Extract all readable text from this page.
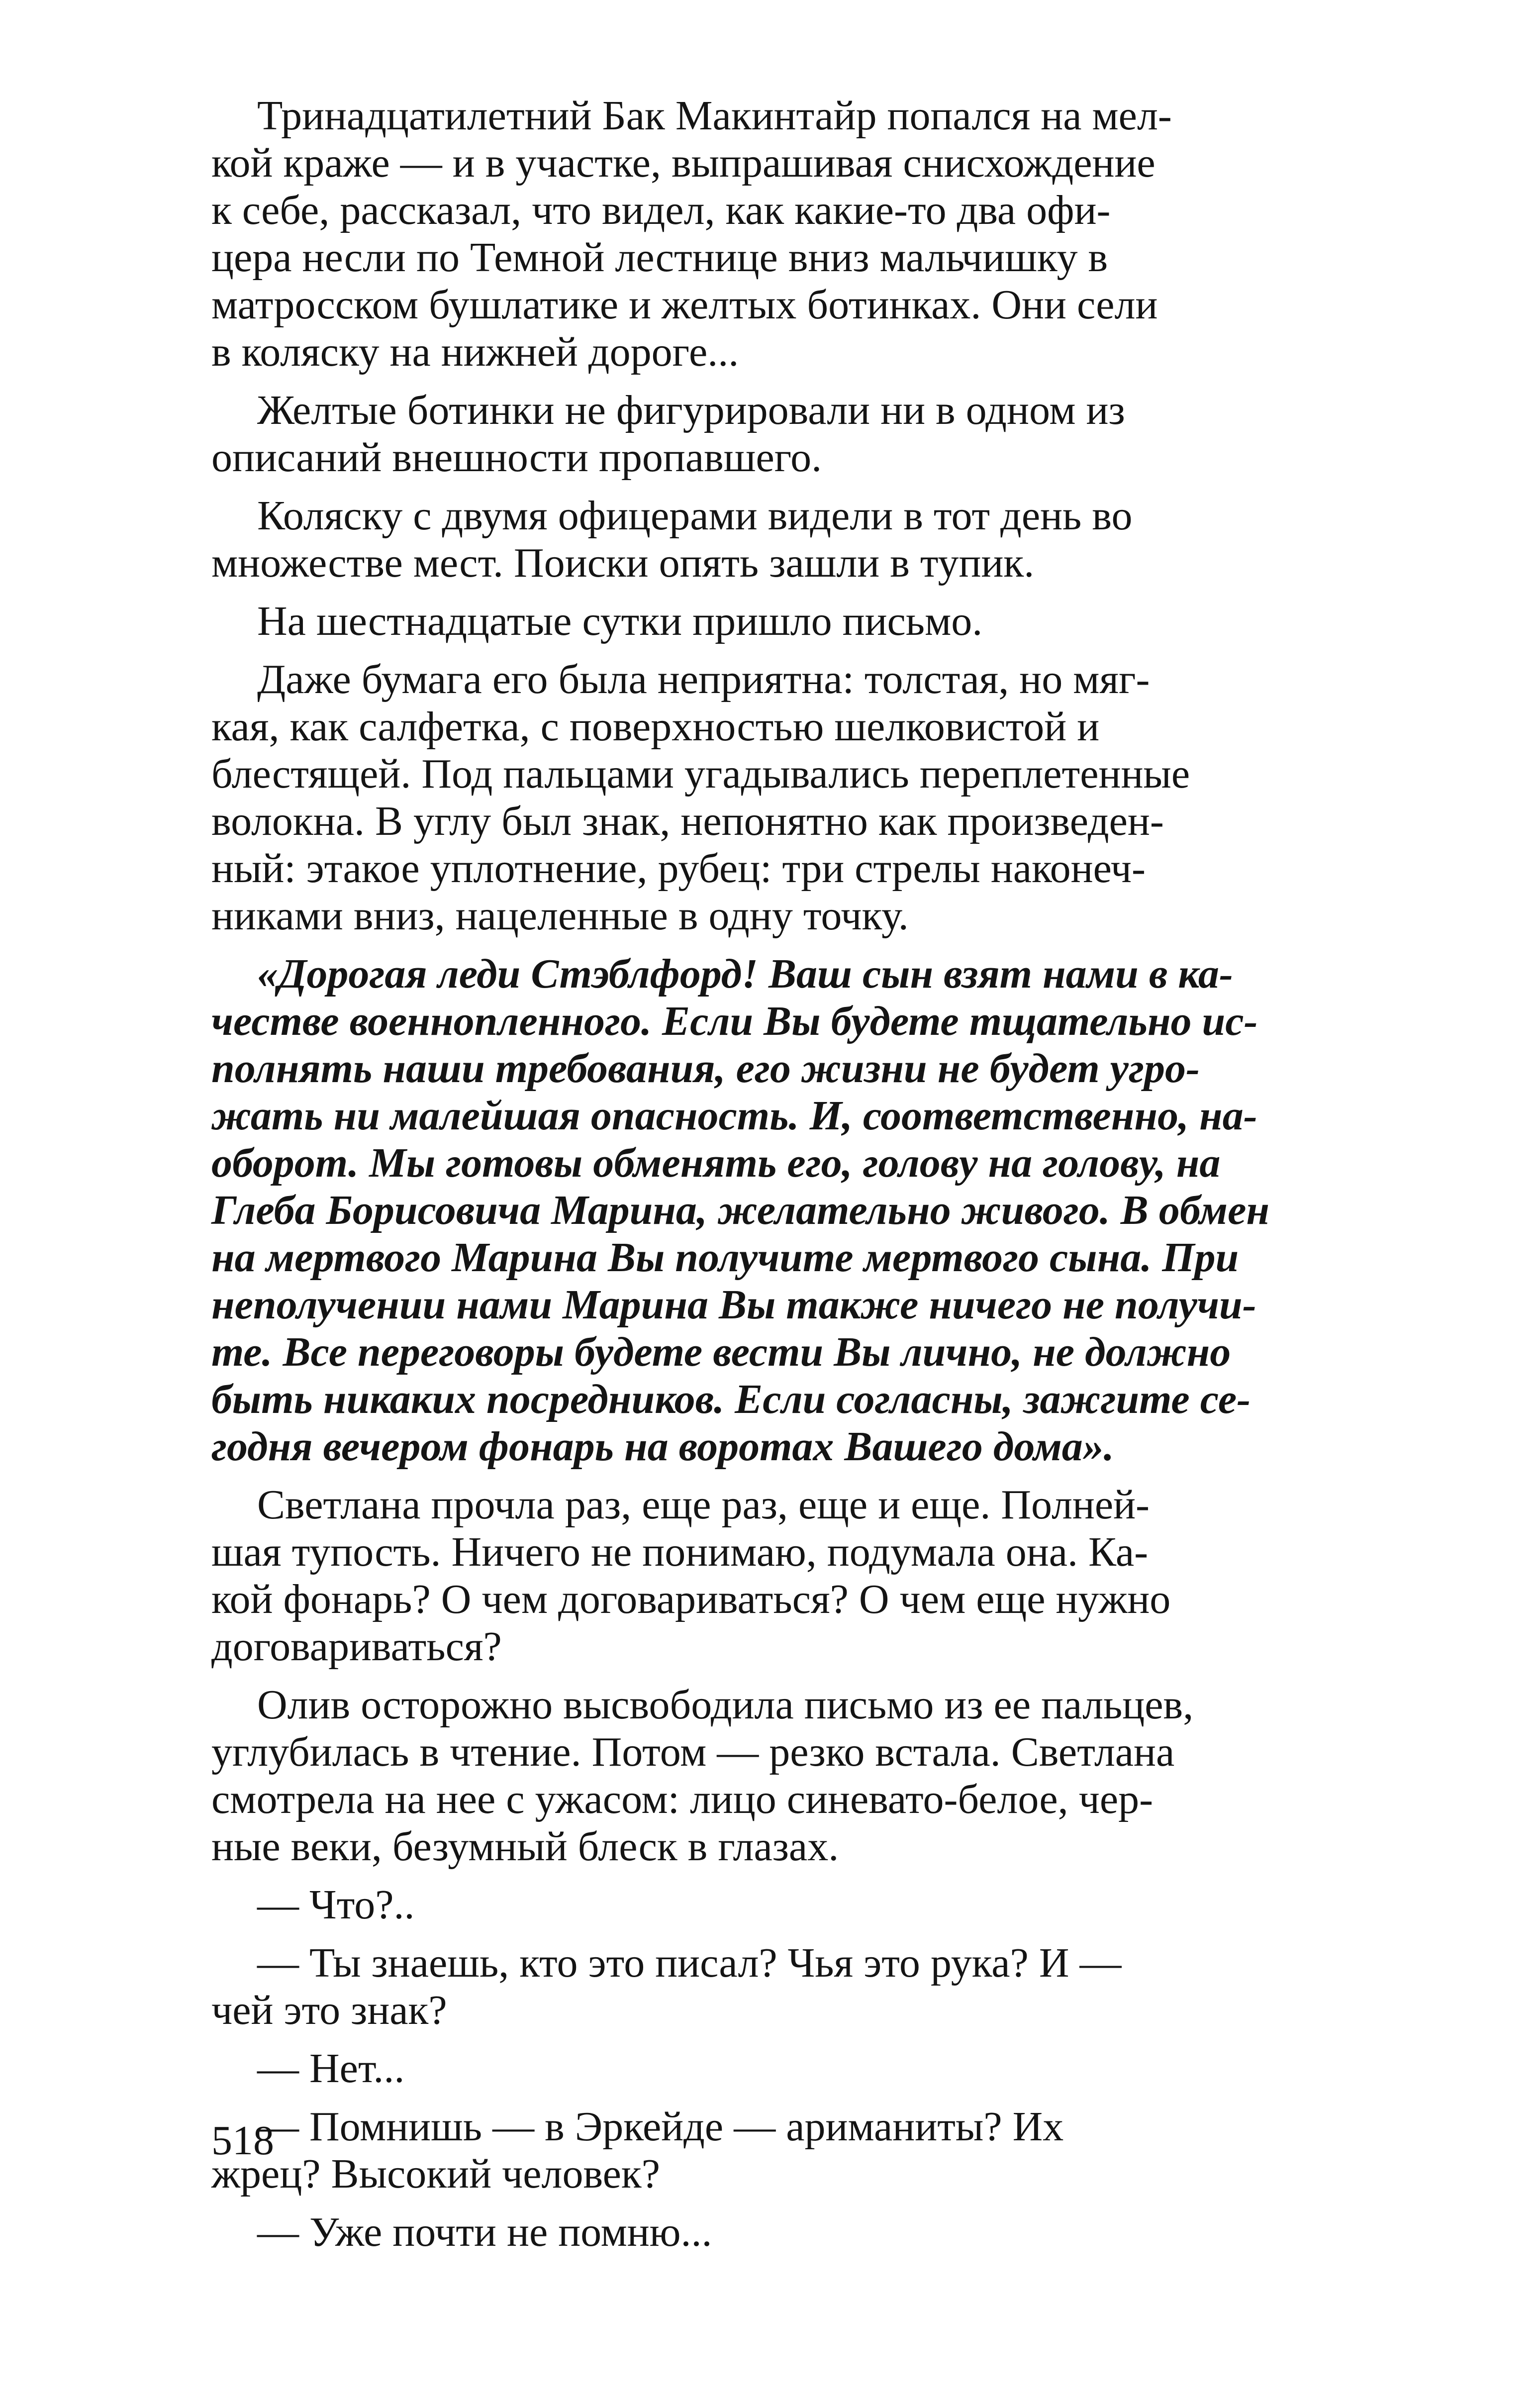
Тринадцатилетний Бак Макинтайр попался на мел-
кой краже — и в участке, выпрашивая снисхождение
к себе, рассказал, что видел, как какие-то два офи-
цера несли по Темной лестнице вниз мальчишку в
матросском бушлатике и желтых ботинках. Они сели
в коляску на нижней дороге...

Желтые ботинки не фигурировали ни в одном из
описаний внешности пропавшего.

Коляску с двумя офицерами видели в тот день во
множестве мест. Поиски опять зашли в тупик.

На шестнадцатые сутки пришло письмо.

Даже бумага его была неприятна: толстая, но мяг-
кая, как салфетка, с поверхностью шелковистой и
блестящей. Под пальцами угадывались переплетенные
волокна. В углу был знак, непонятно как произведен-
ный: этакое уплотнение, рубец: три стрелы наконеч-
никами вниз, нацеленные в одну точку.

«Дорогая леди Стэблфорд! Ваш сын взят нами в ка-
честве военнопленного. Если Вы будете тщательно ис-
полнять наши требования, его жизни не будет угро-
жать ни малейшая опасность. И, соответственно, на-
оборот. Мы готовы обменять его, голову на голову, на
Глеба Борисовича Марина, желательно живого. В обмен
на мертвого Марина Вы получите мертвого сына. При
неполучении нами Марина Вы также ничего не получи-
те. Все переговоры будете вести Вы лично, не должно
быть никаких посредников. Если согласны, зажгите се-
годня вечером фонарь на воротах Вашего дома».

Светлана прочла раз, еще раз, еще и еще. Полней-
шая тупость. Ничего не понимаю, подумала она. Ка-
кой фонарь? О чем договариваться? О чем еще нужно
договариваться?

Олив осторожно высвободила письмо из ее пальцев,
углубилась в чтение. Потом — резко встала. Светлана
смотрела на нее с ужасом: лицо синевато-белое, чер-
ные веки, безумный блеск в глазах.

— Что?..

— Ты знаешь, кто это писал? Чья это рука? И —
чей это знак?

— Нет...

— Помнишь — в Эркейде — ариманиты? Их
жрец? Высокий человек?

— Уже почти не помню...

518
